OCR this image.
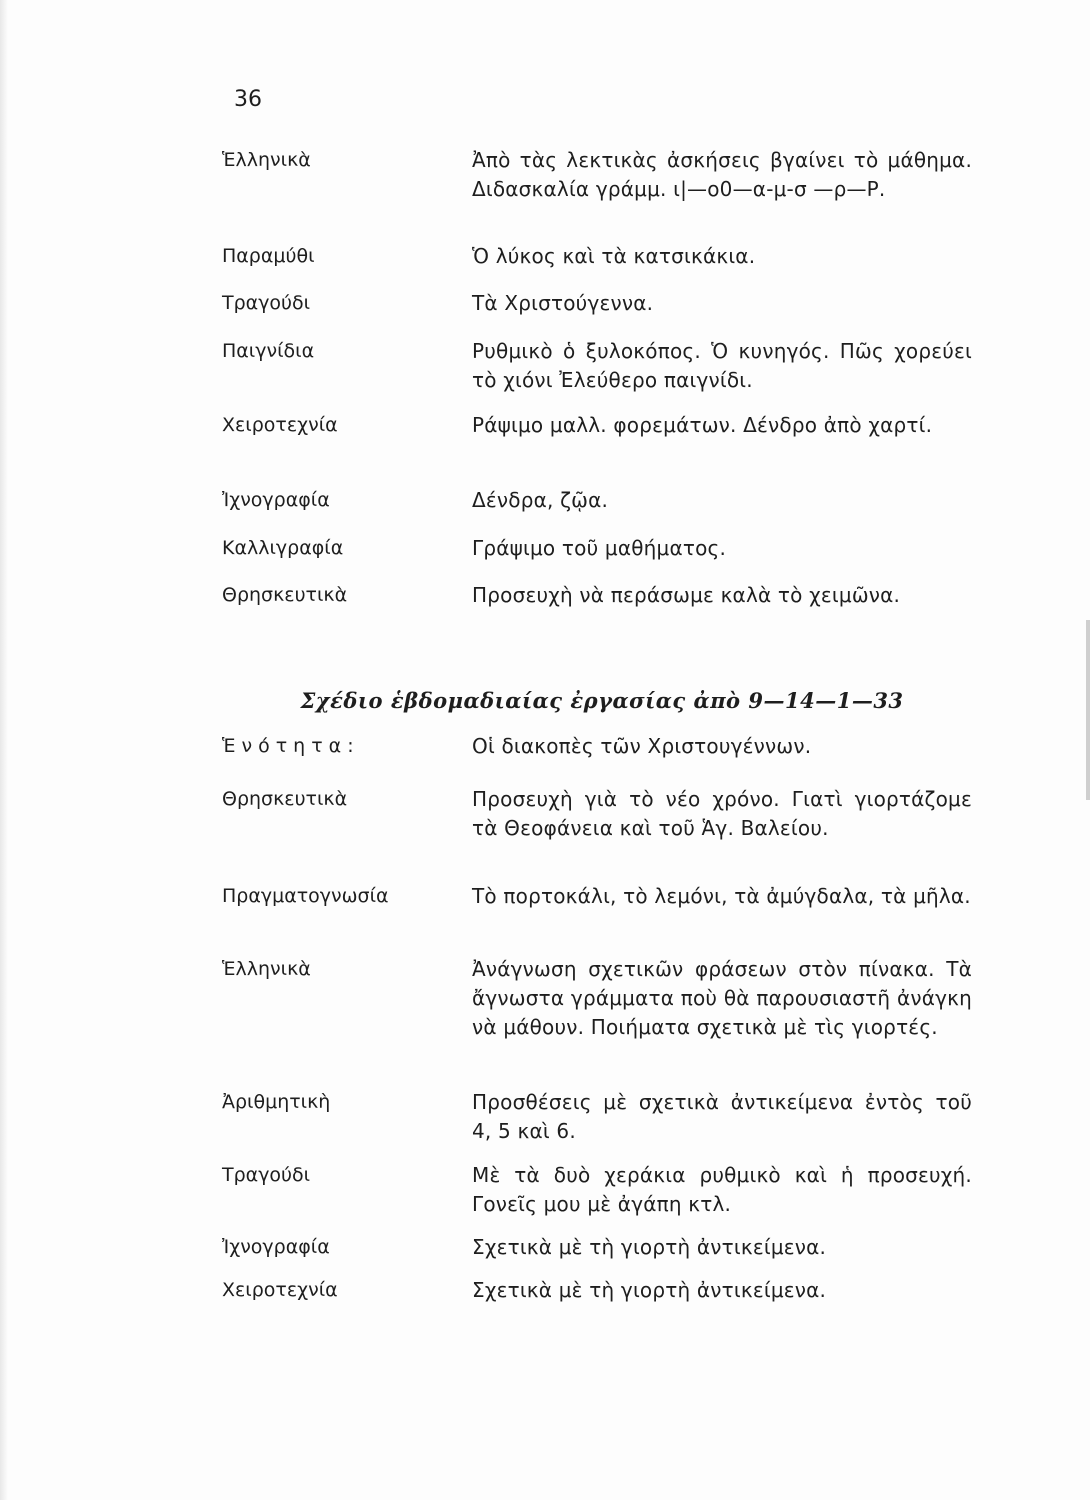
36
Ἑλληνικὰ	Ἀπὸ τὰς λεκτικὰς ἀσκήσεις βγαίνει τὸ μάθημα. Διδασκαλία γράμμ. ι|—ο0—α-μ-σ —ρ—Ρ.
Παραμύθι	Ὁ λύκος καὶ τὰ κατσικάκια.
Τραγούδι	Τὰ Χριστούγεννα.
Παιγνίδια	Ρυθμικὸ ὁ ξυλοκόπος. Ὁ κυνηγός. Πῶς χορεύει τὸ χιόνι Ἐλεύθερο παιγνίδι.
Χειροτεχνία	Ράψιμο μαλλ. φορεμάτων. Δένδρο ἀπὸ χαρτί.
Ἰχνογραφία	Δένδρα, ζῷα.
Καλλιγραφία	Γράψιμο τοῦ μαθήματος.
Θρησκευτικὰ	Προσευχὴ νὰ περάσωμε καλὰ τὸ χειμῶνα.
Σχέδιο ἑβδομαδιαίας ἐργασίας ἀπὸ 9—14—1—33
Ἑνότητα:	Οἱ διακοπὲς τῶν Χριστουγέννων.
Θρησκευτικὰ	Προσευχὴ γιὰ τὸ νέο χρόνο. Γιατὶ γιορτάζομε τὰ Θεοφάνεια καὶ τοῦ Ἁγ. Βαλείου.
Πραγματογνωσία	Τὸ πορτοκάλι, τὸ λεμόνι, τὰ ἀμύγδαλα, τὰ μῆλα.
Ἑλληνικὰ	Ἀνάγνωση σχετικῶν φράσεων στὸν πίνακα. Τὰ ἄγνωστα γράμματα ποὺ θὰ παρουσιαστῆ ἀνάγκη νὰ μάθουν. Ποιήματα σχετικὰ μὲ τὶς γιορτές.
Ἀριθμητικὴ	Προσθέσεις μὲ σχετικὰ ἀντικείμενα ἐντὸς τοῦ 4, 5 καὶ 6.
Τραγούδι	Μὲ τὰ δυὸ χεράκια ρυθμικὸ καὶ ἡ προσευχή. Γονεῖς μου μὲ ἀγάπη κτλ.
Ἰχνογραφία	Σχετικὰ μὲ τὴ γιορτὴ ἀντικείμενα.
Χειροτεχνία	Σχετικὰ μὲ τὴ γιορτὴ ἀντικείμενα.
